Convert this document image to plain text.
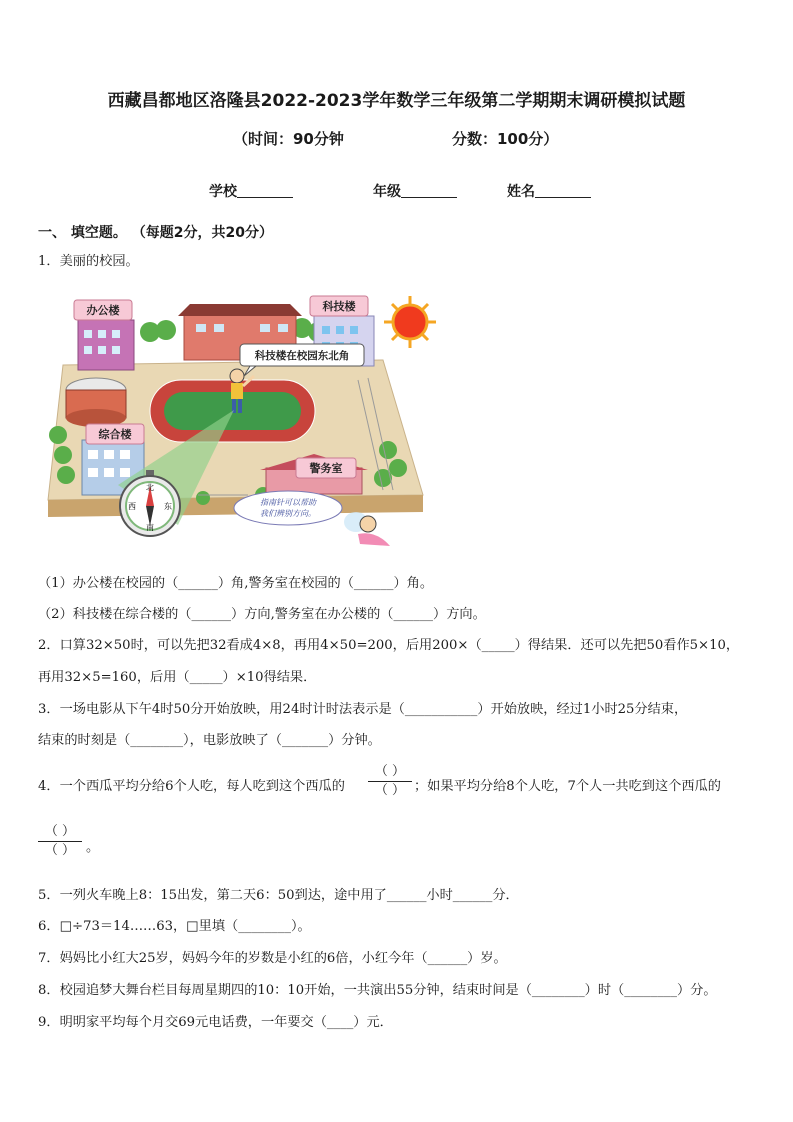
西藏昌都地区洛隆县2022-2023学年数学三年级第二学期期末调研模拟试题
（时间：90分钟	分数：100分）
学校	年级	姓名
一、 填空题。 （每题2分，共20分）
1．美丽的校园。
北
南
东
西
办公楼	科技楼
综合楼
警务室
科技楼在校园东北角
指南针可以帮助
我们辨别方向。
（1）办公楼在校园的（______）角,警务室在校园的（______）角。
（2）科技楼在综合楼的（______）方向,警务室在办公楼的（______）方向。
2．口算32×50时，可以先把32看成4×8，再用4×50=200，后用200×（_____）得结果．还可以先把50看作5×10，
再用32×5=160，后用（_____）×10得结果．
3．一场电影从下午4时50分开始放映，用24时计时法表示是（___________）开始放映，经过1小时25分结束，
结束的时刻是（________），电影放映了（_______）分钟。
4．一个西瓜平均分给6个人吃，每人吃到这个西瓜的
（ ）
（ ） ；如果平均分给8个人吃，7个人一共吃到这个西瓜的
（ ）
（ ） 。
5．一列火车晚上8：15出发，第二天6：50到达，途中用了______小时______分．
6．□÷73＝14……63，□里填（________）。
7．妈妈比小红大25岁，妈妈今年的岁数是小红的6倍，小红今年（______）岁。
8．校园追梦大舞台栏目每周星期四的10：10开始，一共演出55分钟，结束时间是（________）时（________）分。
9．明明家平均每个月交69元电话费，一年要交（____）元．
